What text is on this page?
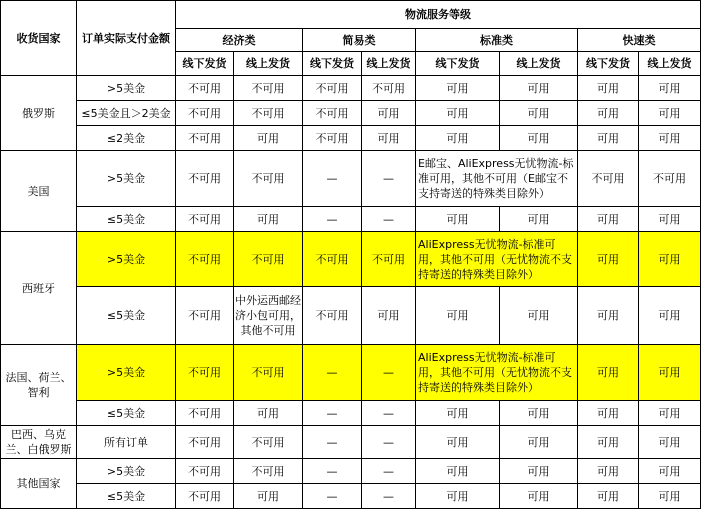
收货国家	订单实际支付金额	物流服务等级							
		经济类		简易类		标准类		快速类	
		线下发货	线上发货	线下发货	线上发货	线下发货	线上发货	线下发货	线上发货
俄罗斯	>5美金	不可用	不可用	不可用	不可用	可用	可用	可用	可用
	≤5美金且＞2美金	不可用	不可用	不可用	可用	可用	可用	可用	可用
	≤2美金	不可用	可用	不可用	可用	可用	可用	可用	可用
美国	>5美金	不可用	不可用	—	—	E邮宝、AliExpress无忧物流-标准可用，其他不可用（E邮宝不支持寄送的特殊类目除外）		不可用	不可用
	≤5美金	不可用	可用	—	—	可用	可用	可用	可用
西班牙	>5美金	不可用	不可用	不可用	不可用	AliExpress无忧物流-标准可用，其他不可用（无忧物流不支持寄送的特殊类目除外）		可用	可用
	≤5美金	不可用	中外运西邮经济小包可用，其他不可用	不可用	可用	可用	可用	可用	可用
法国、荷兰、智利	>5美金	不可用	不可用	—	—	AliExpress无忧物流-标准可用，其他不可用（无忧物流不支持寄送的特殊类目除外）		可用	可用
	≤5美金	不可用	可用	—	—	可用	可用	可用	可用
巴西、乌克兰、白俄罗斯	所有订单	不可用	不可用	—	—	可用	可用	可用	可用
其他国家	>5美金	不可用	不可用	—	—	可用	可用	可用	可用
	≤5美金	不可用	可用	—	—	可用	可用	可用	可用
